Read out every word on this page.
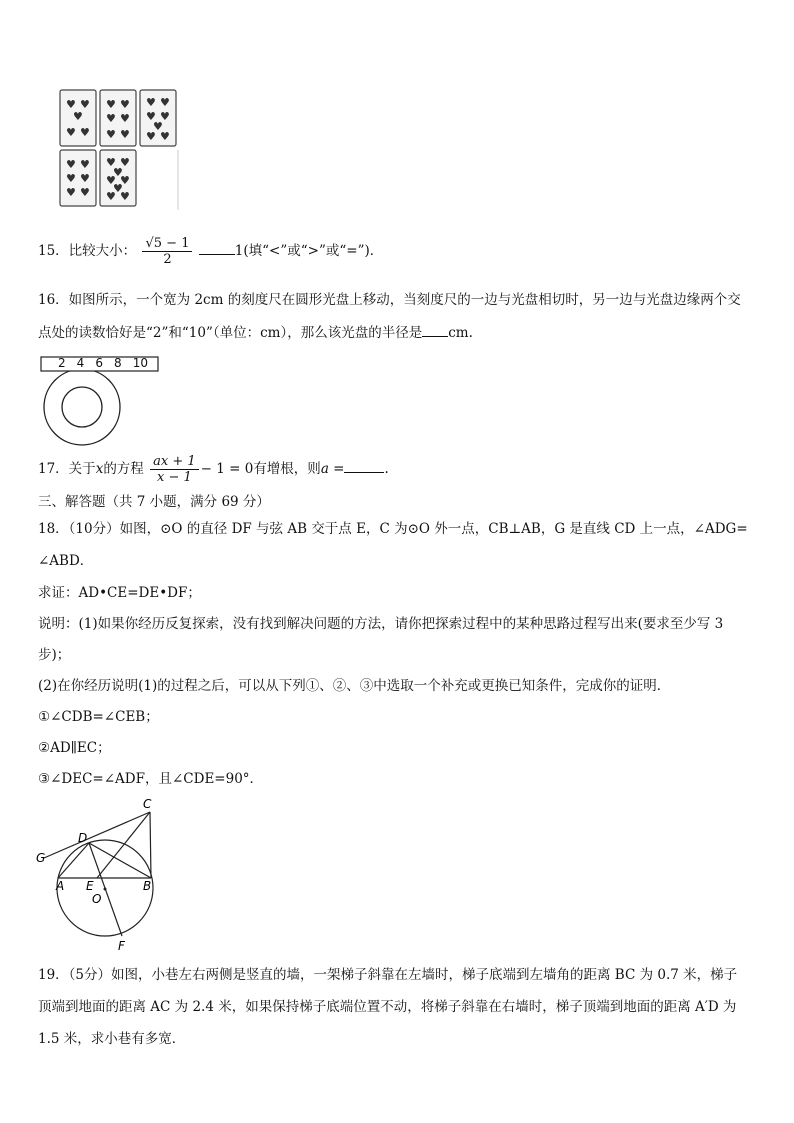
♥ ♥
♥
♥ ♥
♥ ♥
♥ ♥
♥ ♥
♥ ♥
♥ ♥
♥
♥ ♥
♥ ♥
♥ ♥
♥ ♥
♥ ♥
♥
♥ ♥
♥
♥ ♥
15．比较大小： $\frac{√5 - 1}{2}$	1(填“<”或“>”或“=”)．
16．如图所示，一个宽为 2cm 的刻度尺在圆形光盘上移动，当刻度尺的一边与光盘相切时，另一边与光盘边缘两个交
点处的读数恰好是“2”和“10”（单位：cm），那么该光盘的半径是 cm.
2 4 6 8 10
17．关于x的方程 $\frac{ax + 1}{x - 1} - 1 = 0$有增根，则a =	.
三、解答题（共 7 小题，满分 69 分）
18．（10分）如图，⊙O 的直径 DF 与弦 AB 交于点 E，C 为⊙O 外一点，CB⊥AB，G 是直线 CD 上一点，∠ADG=
∠ABD．
求证：AD•CE=DE•DF；
说明：(1)如果你经历反复探索，没有找到解决问题的方法，请你把探索过程中的某种思路过程写出来(要求至少写 3
步)；
(2)在你经历说明(1)的过程之后，可以从下列①、②、③中选取一个补充或更换已知条件，完成你的证明．
①∠CDB=∠CEB；
②AD∥EC；
③∠DEC=∠ADF，且∠CDE=90°．
C
D
G
A E	B
O
F
19．（5分）如图，小巷左右两侧是竖直的墙，一架梯子斜靠在左墙时，梯子底端到左墙角的距离 BC 为 0.7 米，梯子
顶端到地面的距离 AC 为 2.4 米，如果保持梯子底端位置不动，将梯子斜靠在右墙时，梯子顶端到地面的距离 A′D 为
1.5 米，求小巷有多宽．
